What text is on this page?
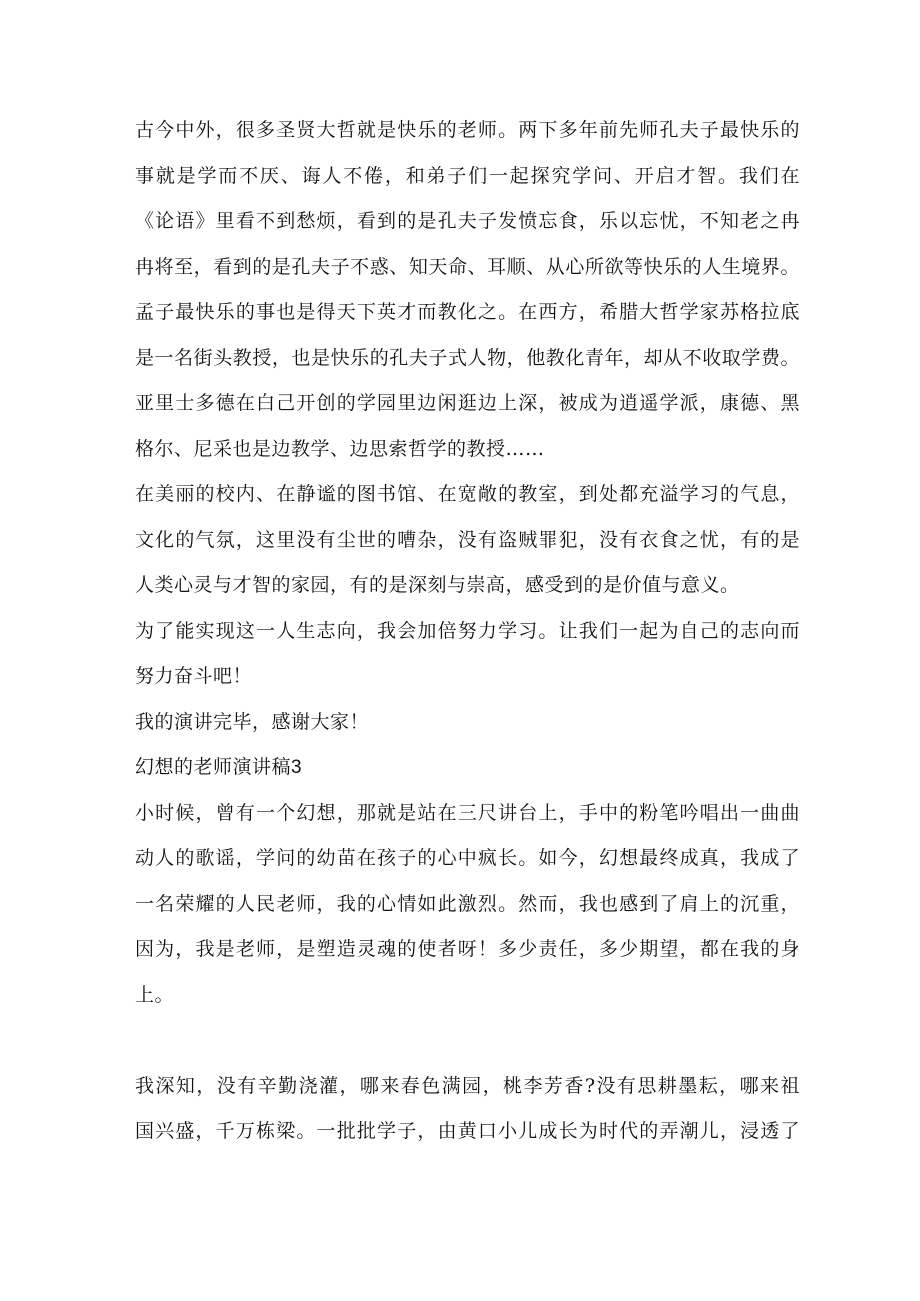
古今中外，很多圣贤大哲就是快乐的老师。两下多年前先师孔夫子最快乐的
事就是学而不厌、诲人不倦，和弟子们一起探究学问、开启才智。我们在
《论语》里看不到愁烦，看到的是孔夫子发愤忘食，乐以忘忧，不知老之冉
冉将至，看到的是孔夫子不惑、知天命、耳顺、从心所欲等快乐的人生境界。
孟子最快乐的事也是得天下英才而教化之。在西方，希腊大哲学家苏格拉底
是一名街头教授，也是快乐的孔夫子式人物，他教化青年，却从不收取学费。
亚里士多德在白己开创的学园里边闲逛边上深，被成为逍遥学派，康德、黑
格尔、尼采也是边教学、边思索哲学的教授……
在美丽的校内、在静谧的图书馆、在宽敞的教室，到处都充溢学习的气息，
文化的气氛，这里没有尘世的嘈杂，没有盗贼罪犯，没有衣食之忧，有的是
人类心灵与才智的家园，有的是深刻与崇高，感受到的是价值与意义。
为了能实现这一人生志向，我会加倍努力学习。让我们一起为自己的志向而
努力奋斗吧！
我的演讲完毕，感谢大家！
幻想的老师演讲稿3
小时候，曾有一个幻想，那就是站在三尺讲台上，手中的粉笔吟唱出一曲曲
动人的歌谣，学问的幼苗在孩子的心中疯长。如今，幻想最终成真，我成了
一名荣耀的人民老师，我的心情如此激烈。然而，我也感到了肩上的沉重，
因为，我是老师，是塑造灵魂的使者呀！多少责任，多少期望，都在我的身
上。
我深知，没有辛勤浇灌，哪来春色满园，桃李芳香?没有思耕墨耘，哪来祖
国兴盛，千万栋梁。一批批学子，由黄口小儿成长为时代的弄潮儿，浸透了
